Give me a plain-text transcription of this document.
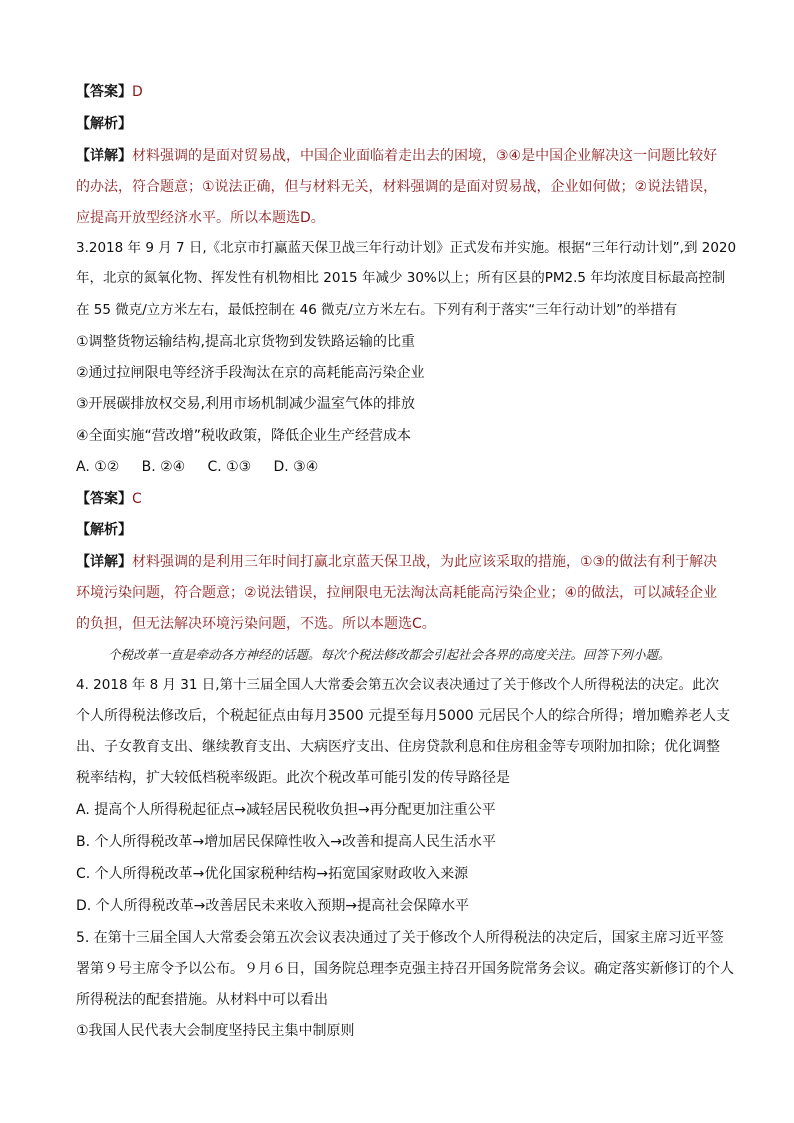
【答案】D
【解析】
【详解】材料强调的是面对贸易战，中国企业面临着走出去的困境，③④是中国企业解决这一问题比较好
的办法，符合题意；①说法正确，但与材料无关，材料强调的是面对贸易战，企业如何做；②说法错误，
应提高开放型经济水平。所以本题选D。
3.2018 年 9 月 7 日,《北京市打赢蓝天保卫战三年行动计划》正式发布并实施。根据“三年行动计划”,到 2020
年，北京的氮氧化物、挥发性有机物相比 2015 年减少 30%以上；所有区县的PM2.5 年均浓度目标最高控制
在 55 微克/立方米左右，最低控制在 46 微克/立方米左右。下列有利于落实“三年行动计划”的举措有
①调整货物运输结构,提高北京货物到发铁路运输的比重
②通过拉闸限电等经济手段淘汰在京的高耗能高污染企业
③开展碳排放权交易,利用市场机制减少温室气体的排放
④全面实施“营改增”税收政策，降低企业生产经营成本
A. ①②     B. ②④     C. ①③     D. ③④
【答案】C
【解析】
【详解】材料强调的是利用三年时间打赢北京蓝天保卫战，为此应该采取的措施，①③的做法有利于解决
环境污染问题，符合题意；②说法错误，拉闸限电无法淘汰高耗能高污染企业；④的做法，可以减轻企业
的负担，但无法解决环境污染问题，不选。所以本题选C。
个税改革一直是牵动各方神经的话题。每次个税法修改都会引起社会各界的高度关注。回答下列小题。
4. 2018 年 8 月 31 日,第十三届全国人大常委会第五次会议表决通过了关于修改个人所得税法的决定。此次
个人所得税法修改后，个税起征点由每月3500 元提至每月5000 元居民个人的综合所得；增加赡养老人支
出、子女教育支出、继续教育支出、大病医疗支出、住房贷款利息和住房租金等专项附加扣除；优化调整
税率结构，扩大较低档税率级距。此次个税改革可能引发的传导路径是
A. 提高个人所得税起征点→减轻居民税收负担→再分配更加注重公平
B. 个人所得税改革→增加居民保障性收入→改善和提高人民生活水平
C. 个人所得税改革→优化国家税种结构→拓宽国家财政收入来源
D. 个人所得税改革→改善居民未来收入预期→提高社会保障水平
5. 在第十三届全国人大常委会第五次会议表决通过了关于修改个人所得税法的决定后，国家主席习近平签
署第９号主席令予以公布。９月６日，国务院总理李克强主持召开国务院常务会议。确定落实新修订的个人
所得税法的配套措施。从材料中可以看出
①我国人民代表大会制度坚持民主集中制原则
